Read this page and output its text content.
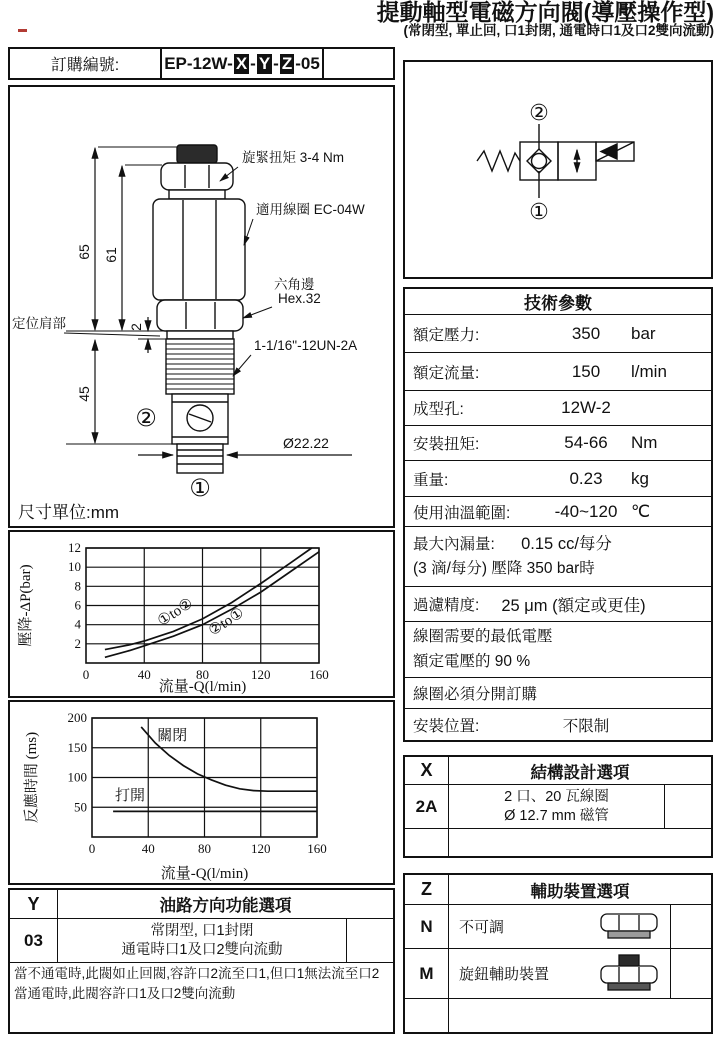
提動軸型電磁方向閥(導壓操作型)
(常閉型, 單止回, 口1封閉, 通電時口1及口2雙向流動)
訂購編號:	EP-12W- X - Y - Z -05
65 61
2
45
Ø22.22
②
①
旋緊扭矩 3-4 Nm
適用線圈 EC-04W
六角邊
Hex.32
1-1/16"-12UN-2A
定位肩部
尺寸單位:mm
②
①
技術參數
額定壓力:	350	bar
額定流量:	150	l/min
成型孔:	12W-2
安裝扭矩:	54-66	Nm
重量:	0.23	kg
使用油溫範圍:	-40~120 ℃
最大內漏量: 0.15 cc/每分
(3 滴/每分) 壓降 350 bar時
過濾精度: 25 μm (額定或更佳)
線圈需要的最低電壓
額定電壓的 90 %
線圈必須分開訂購
安裝位置:	不限制
0	40	80	120	160
2
4
6
8
10
12
①to② ②to①
流量-Q(l/min)
壓降-ΔP(bar)
0	40	80	120	160
50
100
150
200
關閉
打開
流量-Q(l/min)
反應時間 (ms)
Y	油路方向功能選項
03	常閉型, 口1封閉
通電時口1及口2雙向流動
當不通電時,此閥如止回閥,容許口2流至口1,但口1無法流至口2
當通電時,此閥容許口1及口2雙向流動
X	結構設計選項
2A	2 口、20 瓦線圈
Ø 12.7 mm 磁管
Z	輔助裝置選項
N	不可調
M	旋鈕輔助裝置
